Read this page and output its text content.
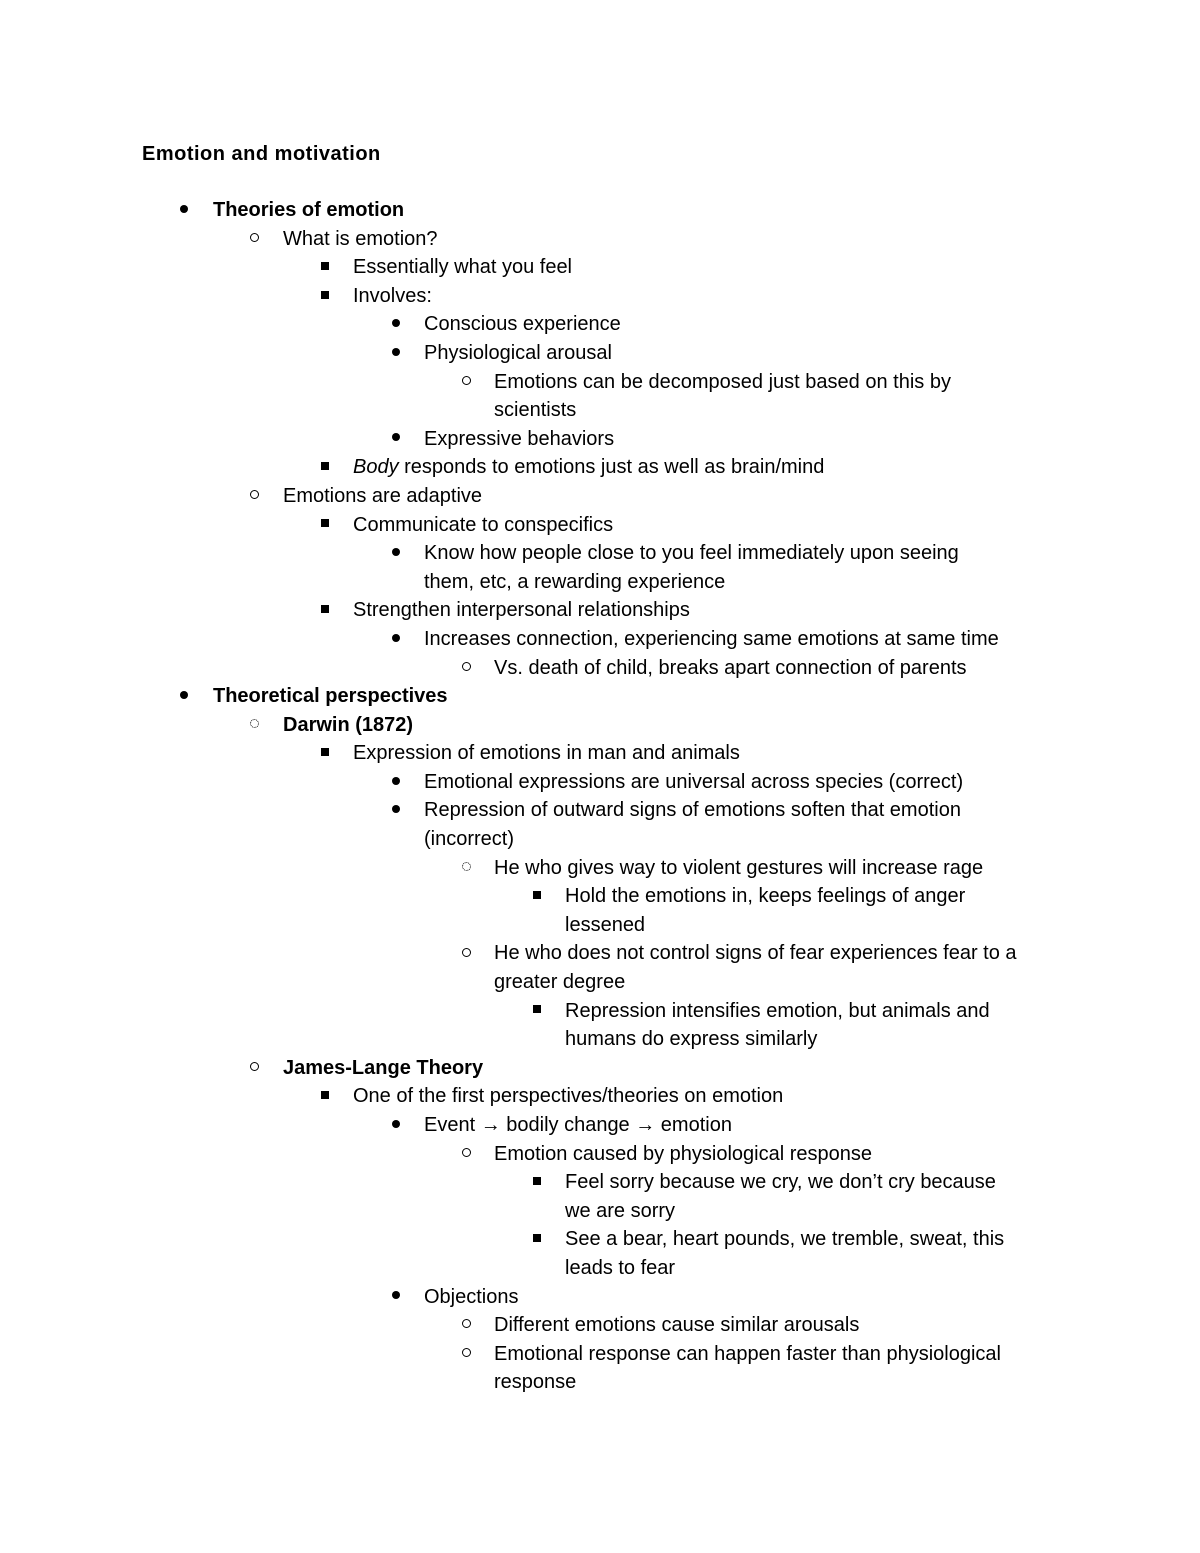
Emotion and motivation
Theories of emotion
What is emotion?
Essentially what you feel
Involves:
Conscious experience
Physiological arousal
Emotions can be decomposed just based on this by
scientists
Expressive behaviors
Body responds to emotions just as well as brain/mind
Emotions are adaptive
Communicate to conspecifics
Know how people close to you feel immediately upon seeing
them, etc, a rewarding experience
Strengthen interpersonal relationships
Increases connection, experiencing same emotions at same time
Vs. death of child, breaks apart connection of parents
Theoretical perspectives
Darwin (1872)
Expression of emotions in man and animals
Emotional expressions are universal across species (correct)
Repression of outward signs of emotions soften that emotion
(incorrect)
He who gives way to violent gestures will increase rage
Hold the emotions in, keeps feelings of anger
lessened
He who does not control signs of fear experiences fear to a
greater degree
Repression intensifies emotion, but animals and
humans do express similarly
James-Lange Theory
One of the first perspectives/theories on emotion
Event → bodily change → emotion
Emotion caused by physiological response
Feel sorry because we cry, we don’t cry because
we are sorry
See a bear, heart pounds, we tremble, sweat, this
leads to fear
Objections
Different emotions cause similar arousals
Emotional response can happen faster than physiological
response
